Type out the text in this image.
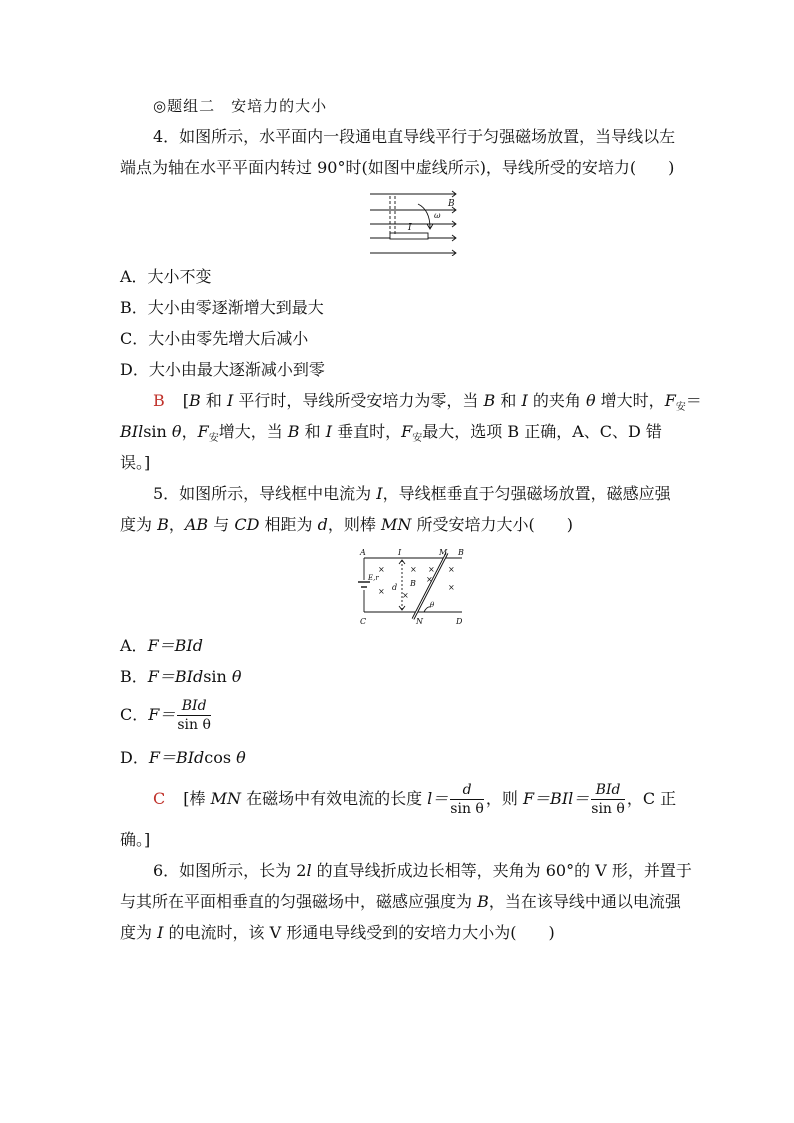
◎题组二　安培力的大小
4．如图所示，水平面内一段通电直导线平行于匀强磁场放置，当导线以左
端点为轴在水平平面内转过 90°时(如图中虚线所示)，导线所受的安培力(　　)
B
ω
I
A．大小不变
B．大小由零逐渐增大到最大
C．大小由零先增大后减小
D．大小由最大逐渐减小到零
B [B 和 I 平行时，导线所受安培力为零，当 B 和 I 的夹角 θ 增大时，$F_安=$
BIlsin θ，$F_安$增大，当 B 和 I 垂直时，$F_安$最大，选项 B 正确，A、C、D 错
误。]
5．如图所示，导线框中电流为 I，导线框垂直于匀强磁场放置，磁感应强
度为 B，AB 与 CD 相距为 d，则棒 MN 所受安培力大小(　　)
A	I	M B
E,r
d B
θ
C	N	D
×	× × ×
× ×
×
×
A．F＝BId
B．F＝BIdsin θ
C．$F= \frac{\text{BId}}{\text{sin θ}}$
D．F＝BIdcos θ
C [棒 MN 在磁场中有效电流的长度 $l= \frac{d}{\text{sin θ}}$ ，则 $F=BIl= \frac{\text{BId}}{\text{sin θ}}$ ，C 正
确。]
6．如图所示，长为 2l 的直导线折成边长相等，夹角为 60°的 V 形，并置于
与其所在平面相垂直的匀强磁场中，磁感应强度为 B，当在该导线中通以电流强
度为 I 的电流时，该 V 形通电导线受到的安培力大小为(　　)
